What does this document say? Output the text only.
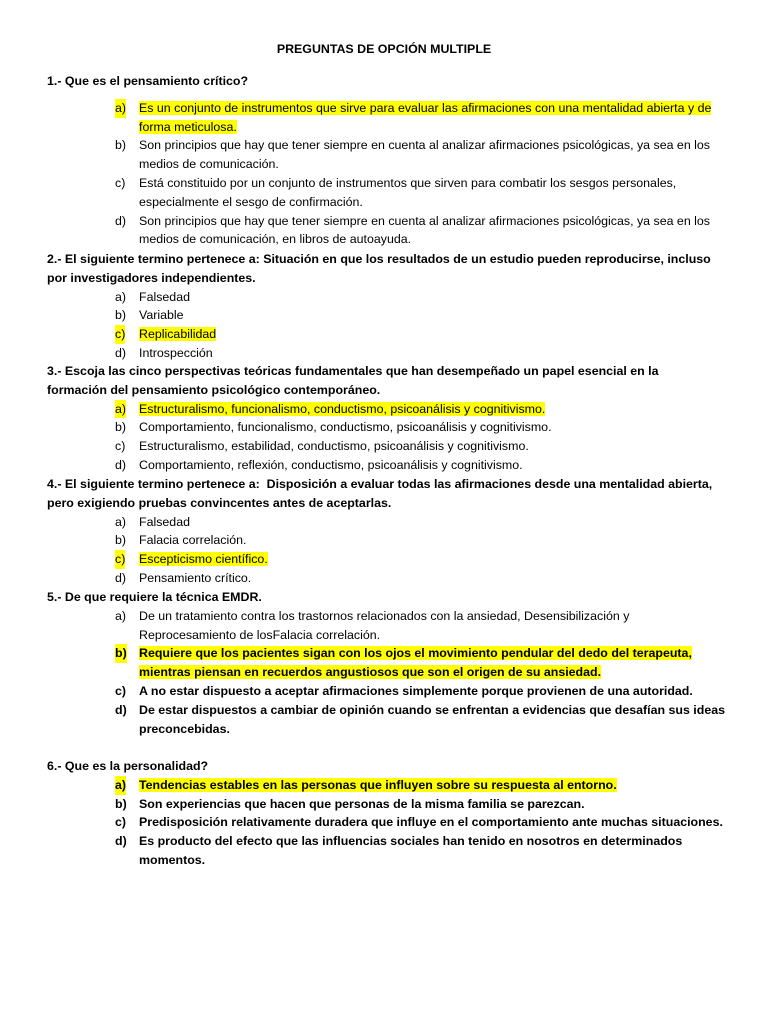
PREGUNTAS DE OPCIÓN MULTIPLE
1.- Que es el pensamiento crítico?
a) Es un conjunto de instrumentos que sirve para evaluar las afirmaciones con una mentalidad abierta y de forma meticulosa.
b) Son principios que hay que tener siempre en cuenta al analizar afirmaciones psicológicas, ya sea en los medios de comunicación.
c) Está constituido por un conjunto de instrumentos que sirven para combatir los sesgos personales, especialmente el sesgo de confirmación.
d) Son principios que hay que tener siempre en cuenta al analizar afirmaciones psicológicas, ya sea en los medios de comunicación, en libros de autoayuda.
2.- El siguiente termino pertenece a: Situación en que los resultados de un estudio pueden reproducirse, incluso por investigadores independientes.
a) Falsedad
b) Variable
c) Replicabilidad
d) Introspección
3.- Escoja las cinco perspectivas teóricas fundamentales que han desempeñado un papel esencial en la formación del pensamiento psicológico contemporáneo.
a) Estructuralismo, funcionalismo, conductismo, psicoanálisis y cognitivismo.
b) Comportamiento, funcionalismo, conductismo, psicoanálisis y cognitivismo.
c) Estructuralismo, estabilidad, conductismo, psicoanálisis y cognitivismo.
d) Comportamiento, reflexión, conductismo, psicoanálisis y cognitivismo.
4.- El siguiente termino pertenece a:  Disposición a evaluar todas las afirmaciones desde una mentalidad abierta, pero exigiendo pruebas convincentes antes de aceptarlas.
a) Falsedad
b) Falacia correlación.
c) Escepticismo científico.
d) Pensamiento crítico.
5.- De que requiere la técnica EMDR.
a) De un tratamiento contra los trastornos relacionados con la ansiedad, Desensibilización y Reprocesamiento de losFalacia correlación.
b) Requiere que los pacientes sigan con los ojos el movimiento pendular del dedo del terapeuta, mientras piensan en recuerdos angustiosos que son el origen de su ansiedad.
c) A no estar dispuesto a aceptar afirmaciones simplemente porque provienen de una autoridad.
d) De estar dispuestos a cambiar de opinión cuando se enfrentan a evidencias que desafían sus ideas preconcebidas.
6.- Que es la personalidad?
a) Tendencias estables en las personas que influyen sobre su respuesta al entorno.
b) Son experiencias que hacen que personas de la misma familia se parezcan.
c) Predisposición relativamente duradera que influye en el comportamiento ante muchas situaciones.
d) Es producto del efecto que las influencias sociales han tenido en nosotros en determinados momentos.
